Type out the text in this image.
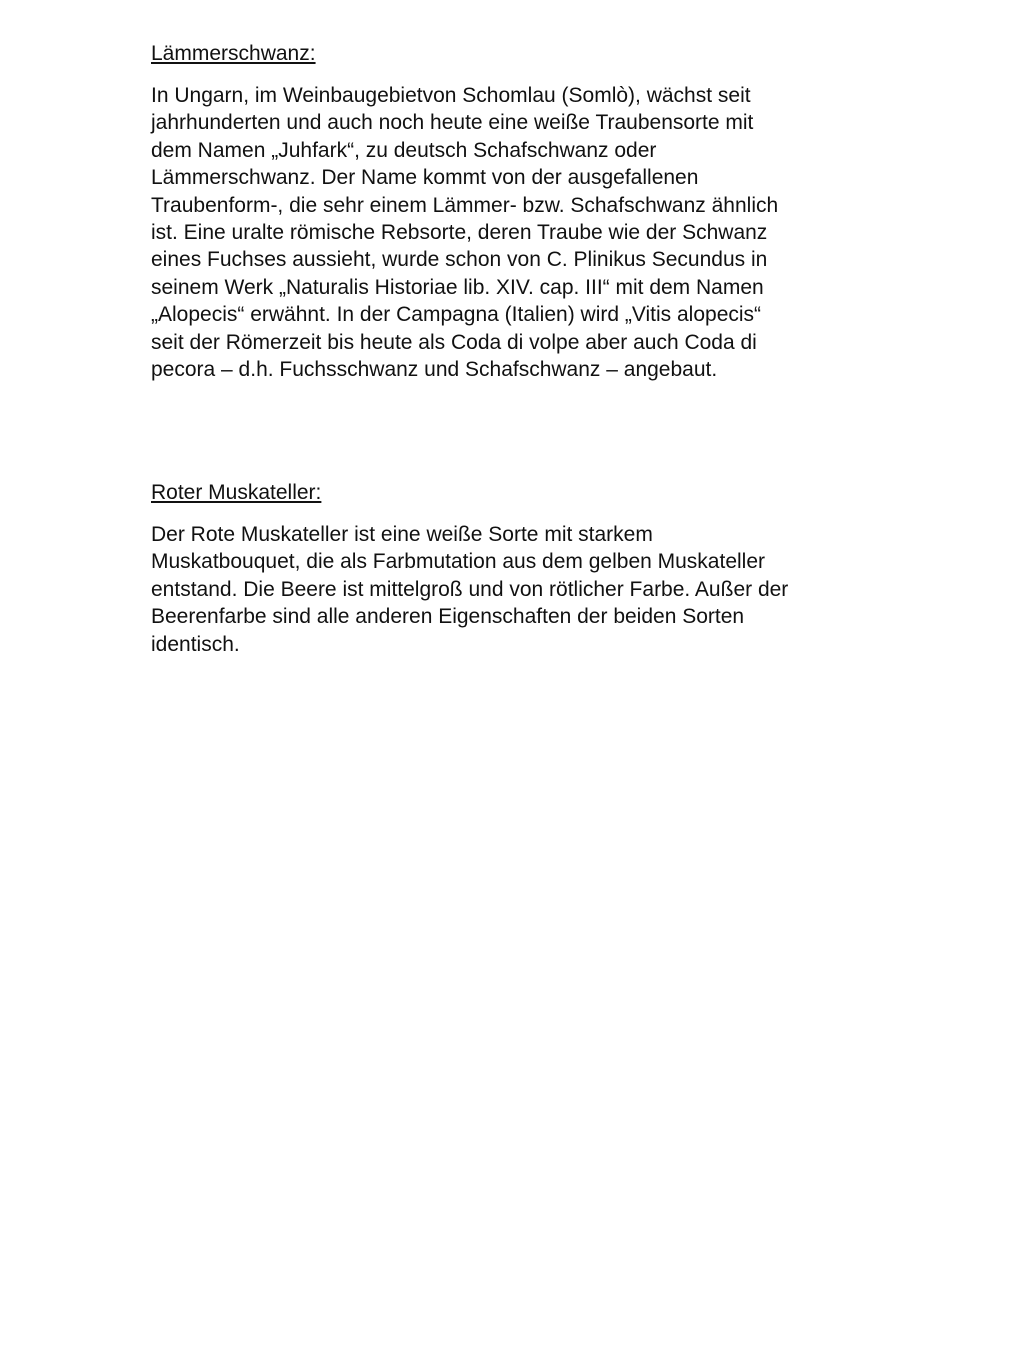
Lämmerschwanz:

In Ungarn, im Weinbaugebietvon Schomlau (Somlò), wächst seit
jahrhunderten und auch noch heute eine weiße Traubensorte mit
dem Namen „Juhfark“, zu deutsch Schafschwanz oder
Lämmerschwanz. Der Name kommt von der ausgefallenen
Traubenform-, die sehr einem Lämmer- bzw. Schafschwanz ähnlich
ist. Eine uralte römische Rebsorte, deren Traube wie der Schwanz
eines Fuchses aussieht, wurde schon von C. Plinikus Secundus in
seinem Werk „Naturalis Historiae lib. XIV. cap. III“ mit dem Namen
„Alopecis“ erwähnt. In der Campagna (Italien) wird „Vitis alopecis“
seit der Römerzeit bis heute als Coda di volpe aber auch Coda di
pecora – d.h. Fuchsschwanz und Schafschwanz – angebaut.

Roter Muskateller:

Der Rote Muskateller ist eine weiße Sorte mit starkem
Muskatbouquet, die als Farbmutation aus dem gelben Muskateller
entstand. Die Beere ist mittelgroß und von rötlicher Farbe. Außer der
Beerenfarbe sind alle anderen Eigenschaften der beiden Sorten
identisch.
